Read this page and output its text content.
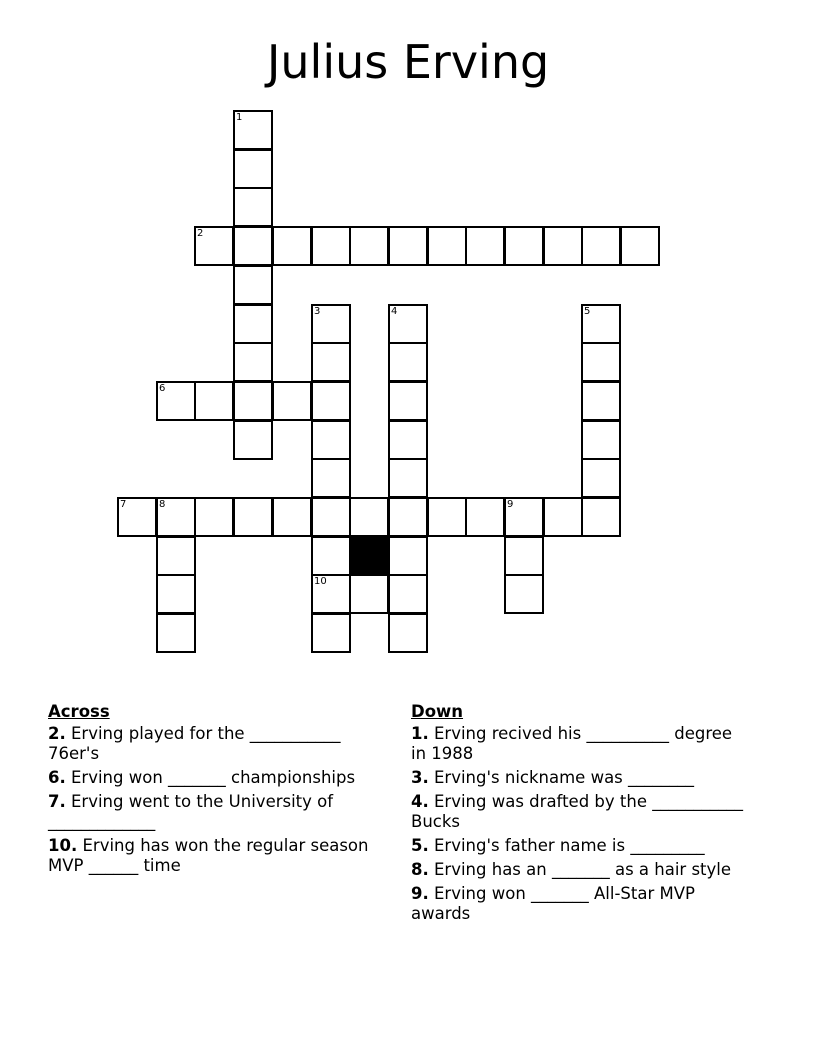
Julius Erving
1
2
3	4	5
6
7	8	9
10
Across
2. Erving played for the ___________ 76er's
6. Erving won _______ championships
7. Erving went to the University of _____________
10. Erving has won the regular season MVP ______ time
Down
1. Erving recived his __________ degree in 1988
3. Erving's nickname was ________
4. Erving was drafted by the ___________ Bucks
5. Erving's father name is _________
8. Erving has an _______ as a hair style
9. Erving won _______ All-Star MVP awards
